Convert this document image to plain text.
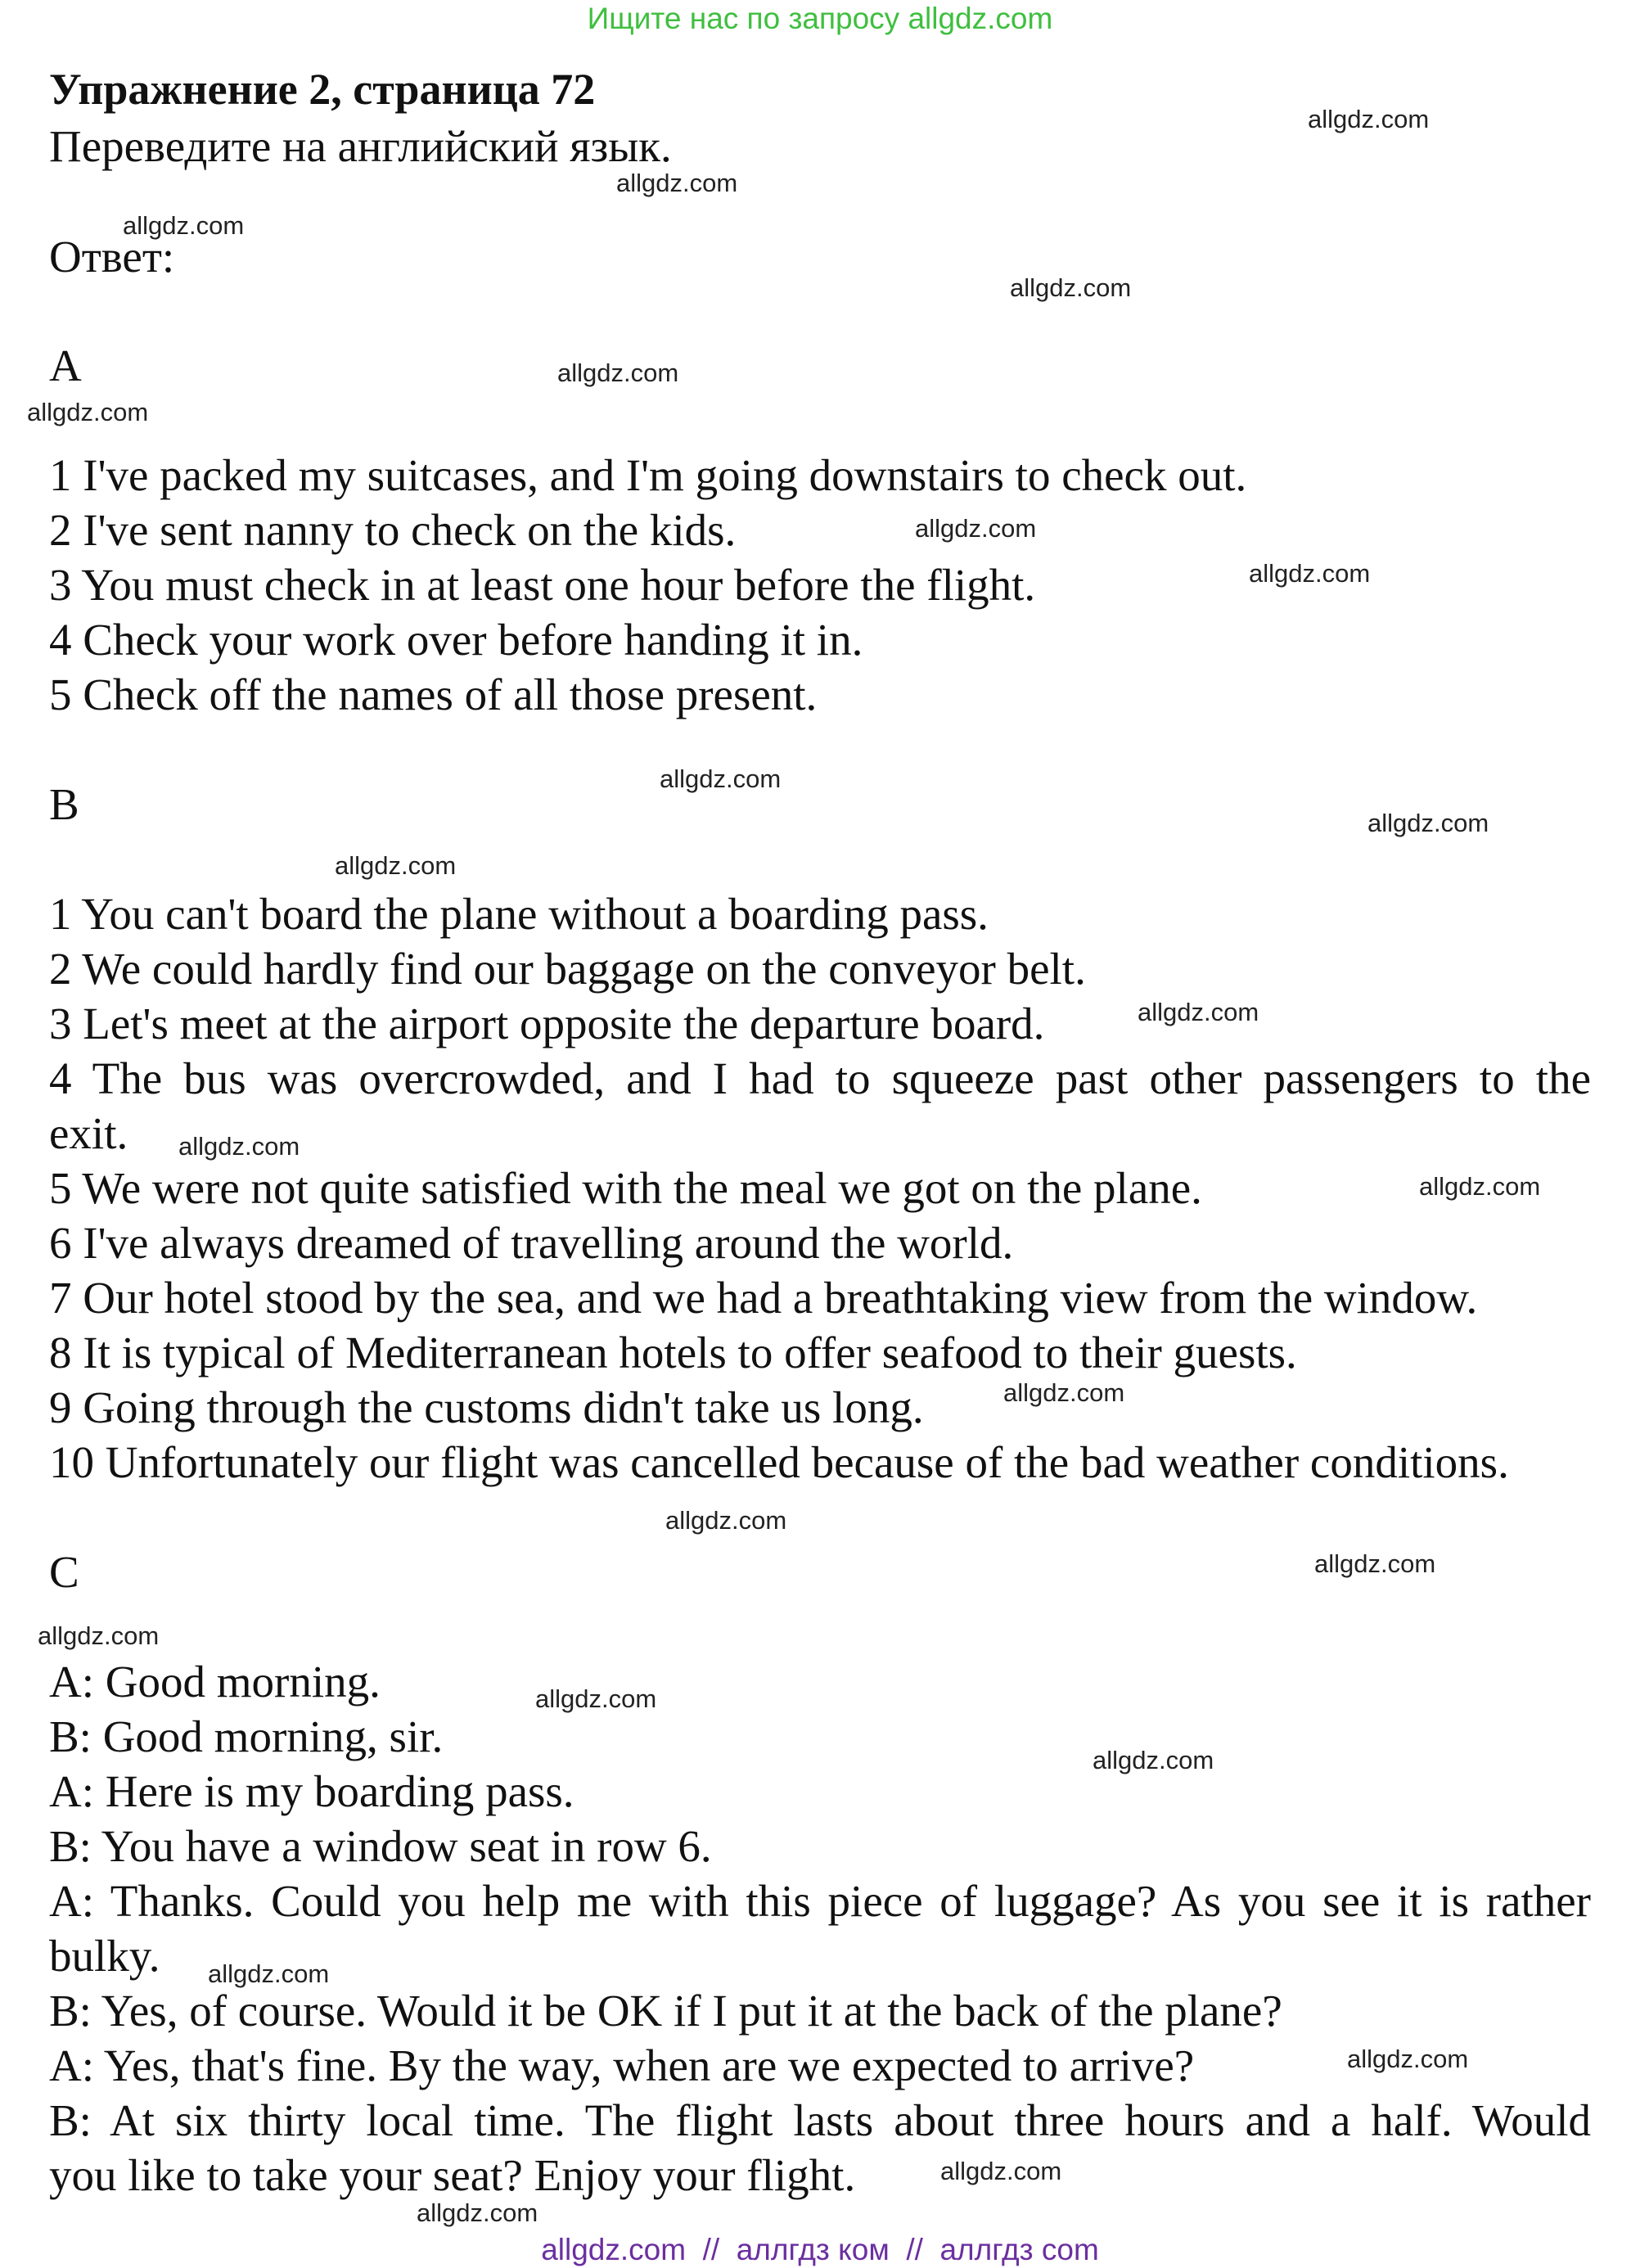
Ищите нас по запросу allgdz.com

Упражнение 2, страница 72

Переведите на английский язык.

Ответ:

A

1 I've packed my suitcases, and I'm going downstairs to check out.

2 I've sent nanny to check on the kids.

3 You must check in at least one hour before the flight.

4 Check your work over before handing it in.

5 Check off the names of all those present.

B

1 You can't board the plane without a boarding pass.

2 We could hardly find our baggage on the conveyor belt.

3 Let's meet at the airport opposite the departure board.

4 The bus was overcrowded, and I had to squeeze past other passengers to the

exit.

5 We were not quite satisfied with the meal we got on the plane.

6 I've always dreamed of travelling around the world.

7 Our hotel stood by the sea, and we had a breathtaking view from the window.

8 It is typical of Mediterranean hotels to offer seafood to their guests.

9 Going through the customs didn't take us long.

10 Unfortunately our flight was cancelled because of the bad weather conditions.

C

A: Good morning.

B: Good morning, sir.

A: Here is my boarding pass.

B: You have a window seat in row 6.

A: Thanks. Could you help me with this piece of luggage? As you see it is rather

bulky.

B: Yes, of course. Would it be OK if I put it at the back of the plane?

A: Yes, that's fine. By the way, when are we expected to arrive?

B: At six thirty local time. The flight lasts about three hours and a half. Would

you like to take your seat? Enjoy your flight.

allgdz.com

allgdz.com

allgdz.com

allgdz.com

allgdz.com

allgdz.com

allgdz.com

allgdz.com

allgdz.com

allgdz.com

allgdz.com

allgdz.com

allgdz.com

allgdz.com

allgdz.com

allgdz.com

allgdz.com

allgdz.com

allgdz.com

allgdz.com

allgdz.com

allgdz.com

allgdz.com

allgdz.com

allgdz.com  //  аллгдз ком  //  аллгдз com
